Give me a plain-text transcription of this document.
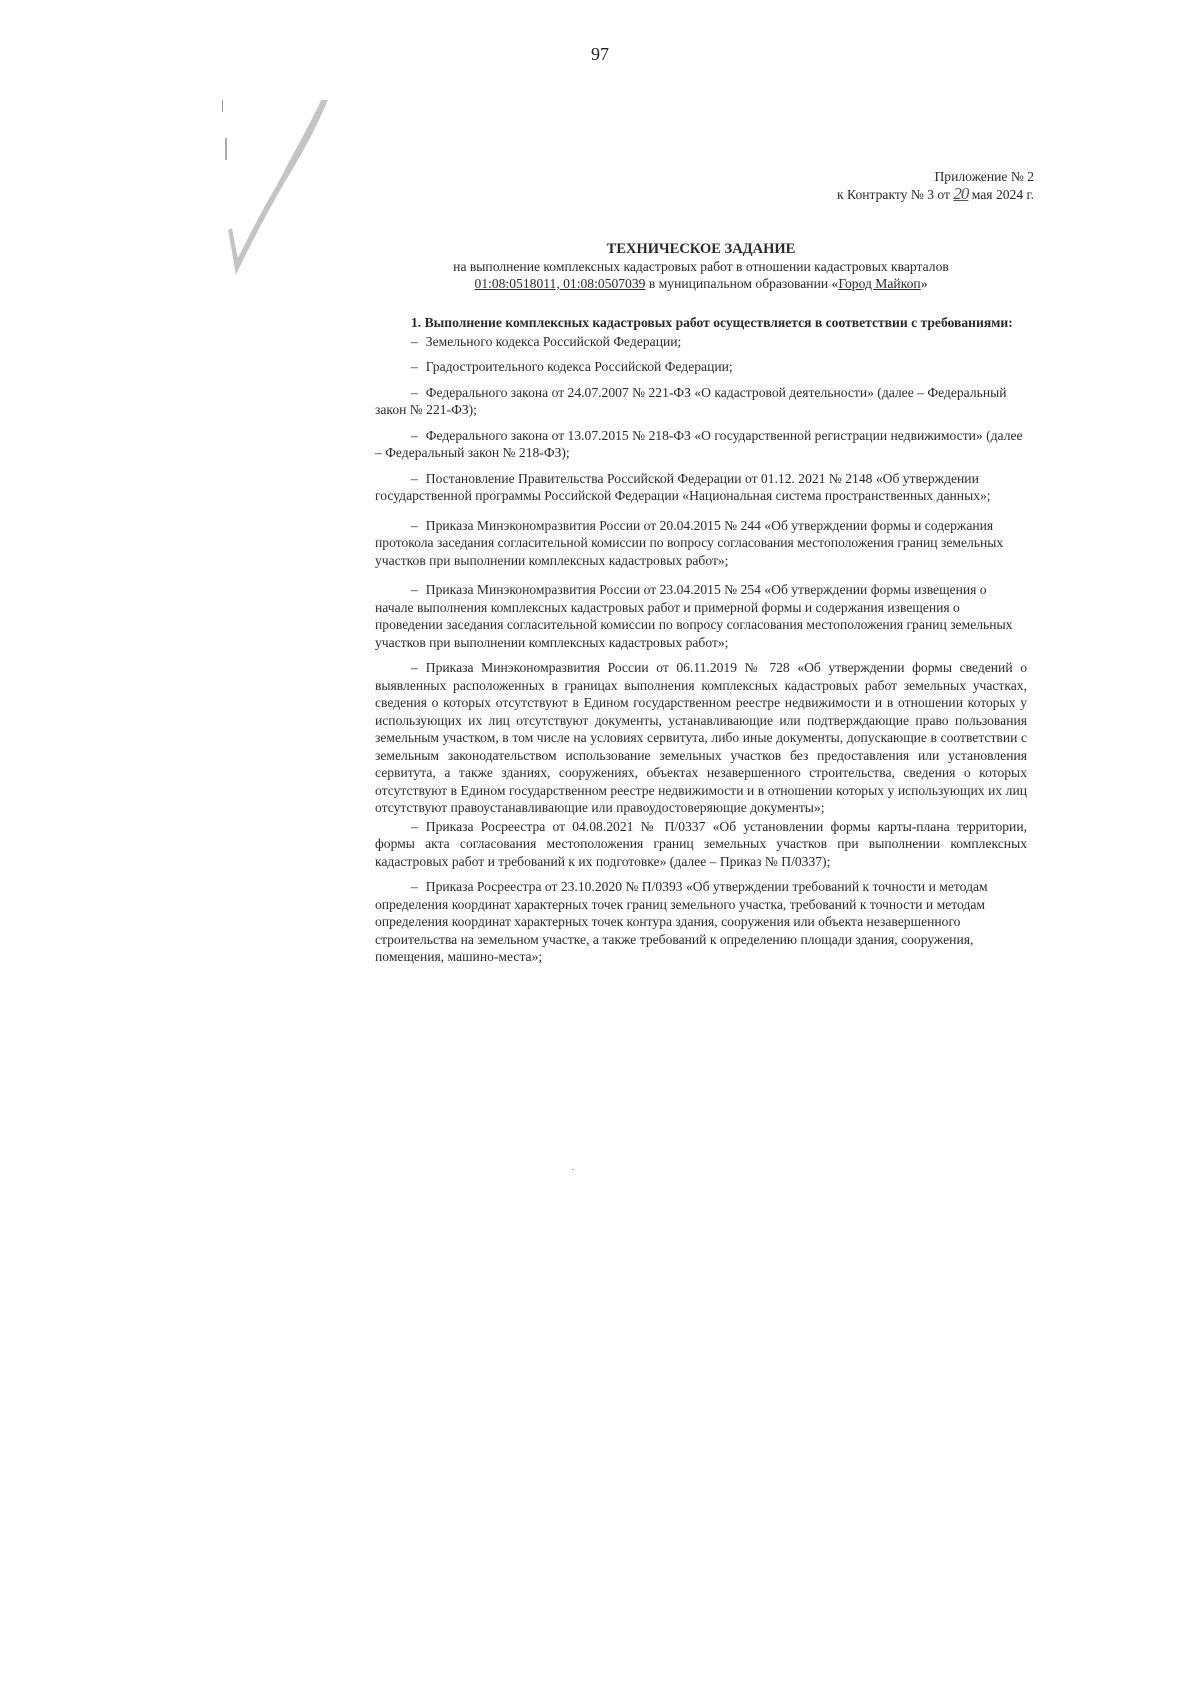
97
Приложение № 2
к Контракту № 3 от 20 мая 2024 г.
ТЕХНИЧЕСКОЕ ЗАДАНИЕ
на выполнение комплексных кадастровых работ в отношении кадастровых кварталов
01:08:0518011, 01:08:0507039 в муниципальном образовании «Город Майкоп»
1. Выполнение комплексных кадастровых работ осуществляется в соответствии с требованиями:
– Земельного кодекса Российской Федерации;
– Градостроительного кодекса Российской Федерации;
– Федерального закона от 24.07.2007 № 221-ФЗ «О кадастровой деятельности» (далее – Федеральный закон № 221-ФЗ);
– Федерального закона от 13.07.2015 № 218-ФЗ «О государственной регистрации недвижимости» (далее – Федеральный закон № 218-ФЗ);
– Постановление Правительства Российской Федерации от 01.12. 2021 № 2148 «Об утверждении государственной программы Российской Федерации «Национальная система пространственных данных»;
– Приказа Минэкономразвития России от 20.04.2015 № 244 «Об утверждении формы и содержания протокола заседания согласительной комиссии по вопросу согласования местоположения границ земельных участков при выполнении комплексных кадастровых работ»;
– Приказа Минэкономразвития России от 23.04.2015 № 254 «Об утверждении формы извещения о начале выполнения комплексных кадастровых работ и примерной формы и содержания извещения о проведении заседания согласительной комиссии по вопросу согласования местоположения границ земельных участков при выполнении комплексных кадастровых работ»;
– Приказа Минэкономразвития России от 06.11.2019 № 728 «Об утверждении формы сведений о выявленных расположенных в границах выполнения комплексных кадастровых работ земельных участках, сведения о которых отсутствуют в Едином государственном реестре недвижимости и в отношении которых у использующих их лиц отсутствуют документы, устанавливающие или подтверждающие право пользования земельным участком, в том числе на условиях сервитута, либо иные документы, допускающие в соответствии с земельным законодательством использование земельных участков без предоставления или установления сервитута, а также зданиях, сооружениях, объектах незавершенного строительства, сведения о которых отсутствуют в Едином государственном реестре недвижимости и в отношении которых у использующих их лиц отсутствуют правоустанавливающие или правоудостоверяющие документы»;
– Приказа Росреестра от 04.08.2021 № П/0337 «Об установлении формы карты-плана территории, формы акта согласования местоположения границ земельных участков при выполнении комплексных кадастровых работ и требований к их подготовке» (далее – Приказ № П/0337);
– Приказа Росреестра от 23.10.2020 № П/0393 «Об утверждении требований к точности и методам определения координат характерных точек границ земельного участка, требований к точности и методам определения координат характерных точек контура здания, сооружения или объекта незавершенного строительства на земельном участке, а также требований к определению площади здания, сооружения, помещения, машино-места»;
·
